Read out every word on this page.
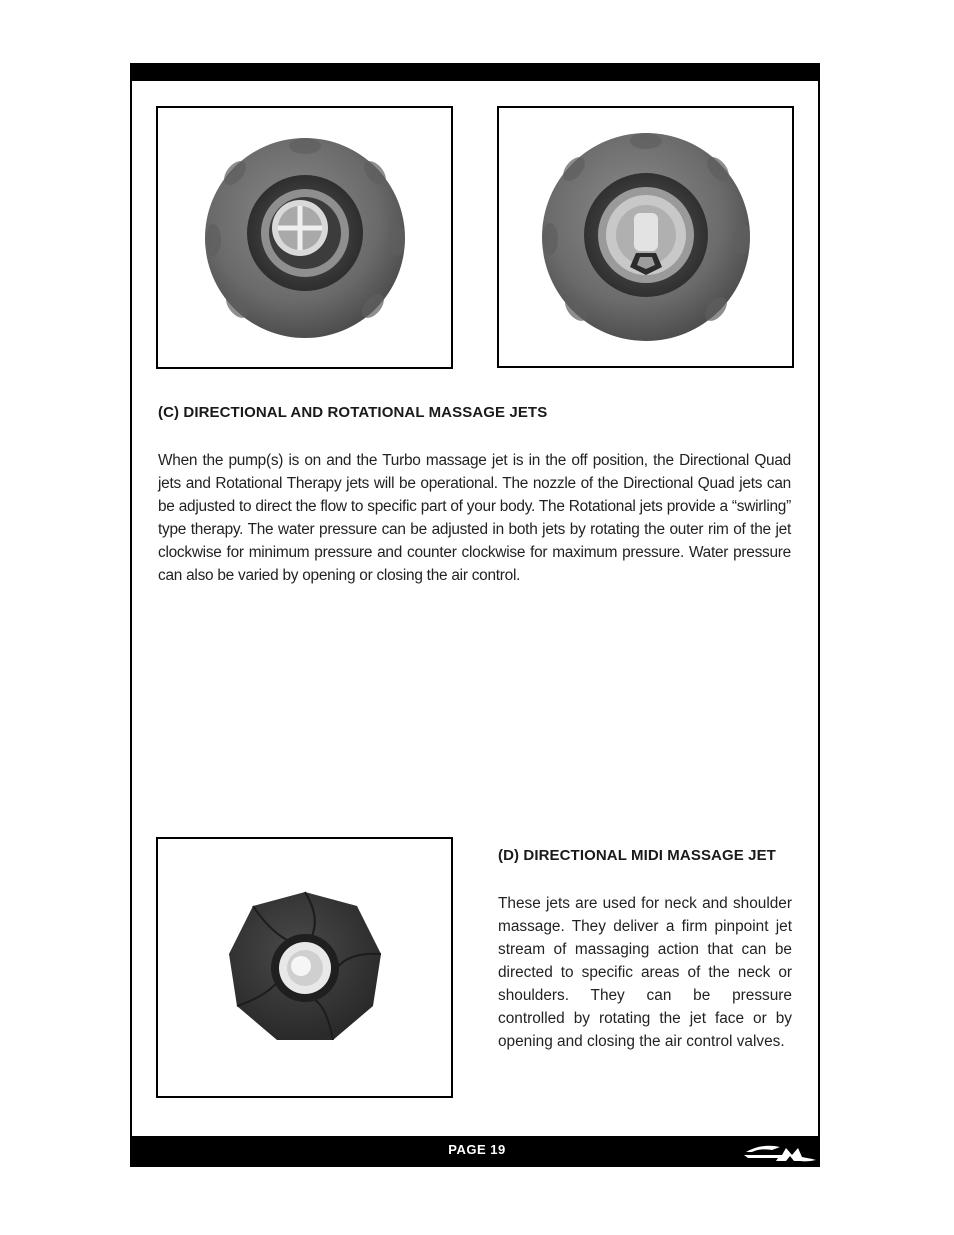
(C) DIRECTIONAL AND ROTATIONAL MASSAGE JETS

When the pump(s) is on and the Turbo massage jet is in the off position, the Directional Quad jets and Rotational Therapy jets will be operational. The nozzle of the Directional Quad jets can be adjusted to direct the flow to specific part of your body. The Rotational jets provide a “swirling” type therapy. The water pressure can be adjusted in both jets by rotating the outer rim of the jet clockwise for minimum pressure and counter clockwise for maximum pressure. Water pressure can also be varied by opening or closing the air control.

(D) DIRECTIONAL MIDI MASSAGE JET

These jets are used for neck and shoulder massage. They deliver a firm pinpoint jet stream of massaging action that can be directed to specific areas of the neck or shoulders. They can be pressure controlled by rotating the jet face or by opening and closing the air control valves.

PAGE 19
